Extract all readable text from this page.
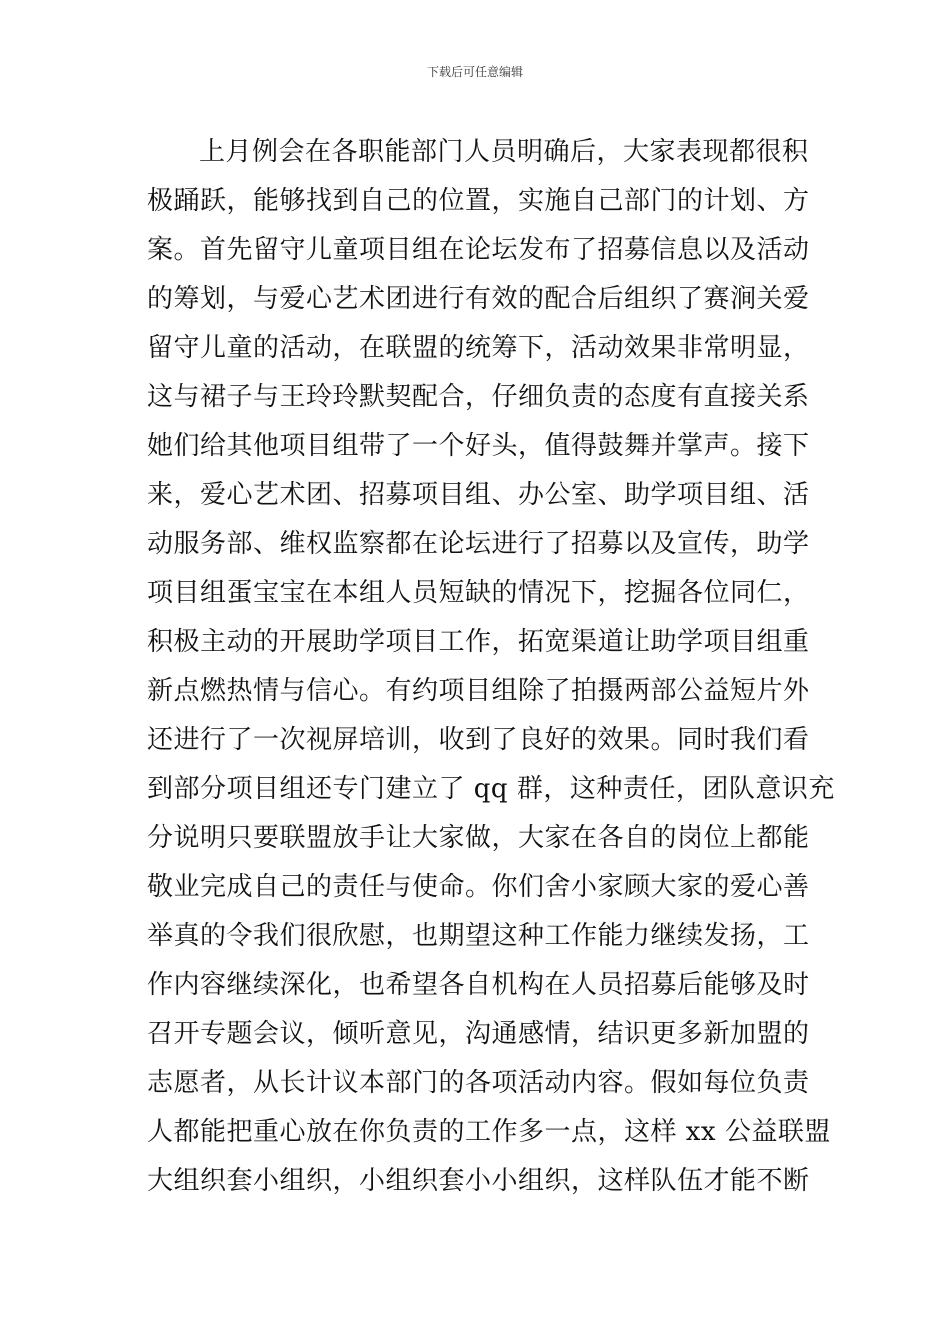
下载后可任意编辑
上月例会在各职能部门人员明确后，大家表现都很积
极踊跃，能够找到自己的位置，实施自己部门的计划、方
案。首先留守儿童项目组在论坛发布了招募信息以及活动
的筹划，与爱心艺术团进行有效的配合后组织了赛涧关爱
留守儿童的活动，在联盟的统筹下，活动效果非常明显，
这与裙子与王玲玲默契配合，仔细负责的态度有直接关系
她们给其他项目组带了一个好头，值得鼓舞并掌声。接下
来，爱心艺术团、招募项目组、办公室、助学项目组、活
动服务部、维权监察都在论坛进行了招募以及宣传，助学
项目组蛋宝宝在本组人员短缺的情况下，挖掘各位同仁，
积极主动的开展助学项目工作，拓宽渠道让助学项目组重
新点燃热情与信心。有约项目组除了拍摄两部公益短片外
还进行了一次视屏培训，收到了良好的效果。同时我们看
到部分项目组还专门建立了 qq 群，这种责任，团队意识充
分说明只要联盟放手让大家做，大家在各自的岗位上都能
敬业完成自己的责任与使命。你们舍小家顾大家的爱心善
举真的令我们很欣慰，也期望这种工作能力继续发扬，工
作内容继续深化，也希望各自机构在人员招募后能够及时
召开专题会议，倾听意见，沟通感情，结识更多新加盟的
志愿者，从长计议本部门的各项活动内容。假如每位负责
人都能把重心放在你负责的工作多一点，这样 xx 公益联盟
大组织套小组织，小组织套小小组织，这样队伍才能不断
